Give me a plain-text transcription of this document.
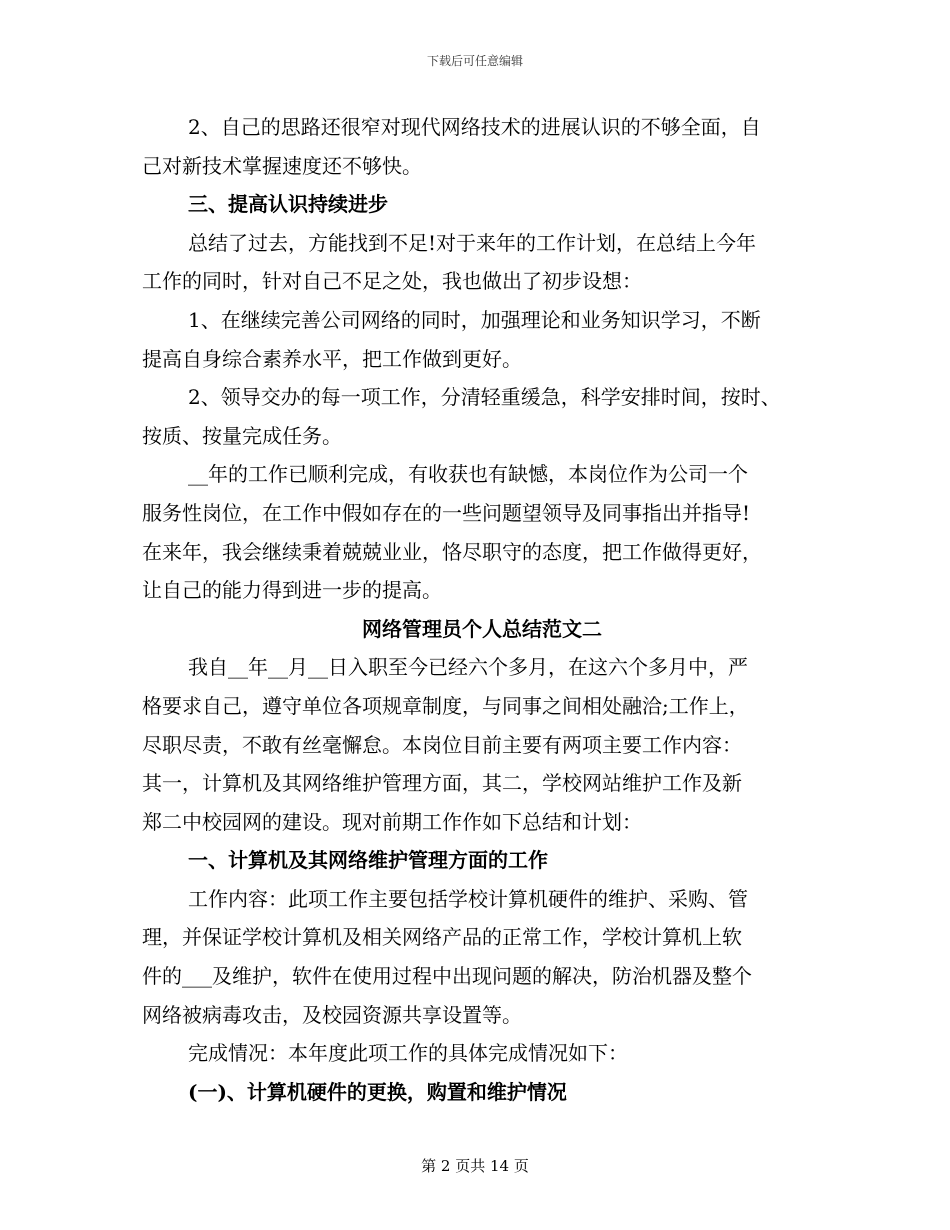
下载后可任意编辑
2、自己的思路还很窄对现代网络技术的进展认识的不够全面，自
己对新技术掌握速度还不够快。
三、提高认识持续进步
总结了过去，方能找到不足!对于来年的工作计划，在总结上今年
工作的同时，针对自己不足之处，我也做出了初步设想：
1、在继续完善公司网络的同时，加强理论和业务知识学习，不断
提高自身综合素养水平，把工作做到更好。
2、领导交办的每一项工作，分清轻重缓急，科学安排时间，按时、
按质、按量完成任务。
__年的工作已顺利完成，有收获也有缺憾，本岗位作为公司一个
服务性岗位，在工作中假如存在的一些问题望领导及同事指出并指导!
在来年，我会继续秉着兢兢业业，恪尽职守的态度，把工作做得更好，
让自己的能力得到进一步的提高。
网络管理员个人总结范文二
我自__年__月__日入职至今已经六个多月，在这六个多月中，严
格要求自己，遵守单位各项规章制度，与同事之间相处融洽;工作上，
尽职尽责，不敢有丝毫懈怠。本岗位目前主要有两项主要工作内容：
其一，计算机及其网络维护管理方面，其二，学校网站维护工作及新
郑二中校园网的建设。现对前期工作作如下总结和计划：
一、计算机及其网络维护管理方面的工作
工作内容：此项工作主要包括学校计算机硬件的维护、采购、管
理，并保证学校计算机及相关网络产品的正常工作，学校计算机上软
件的___及维护，软件在使用过程中出现问题的解决，防治机器及整个
网络被病毒攻击，及校园资源共享设置等。
完成情况：本年度此项工作的具体完成情况如下：
(一)、计算机硬件的更换，购置和维护情况
第 2 页共 14 页
